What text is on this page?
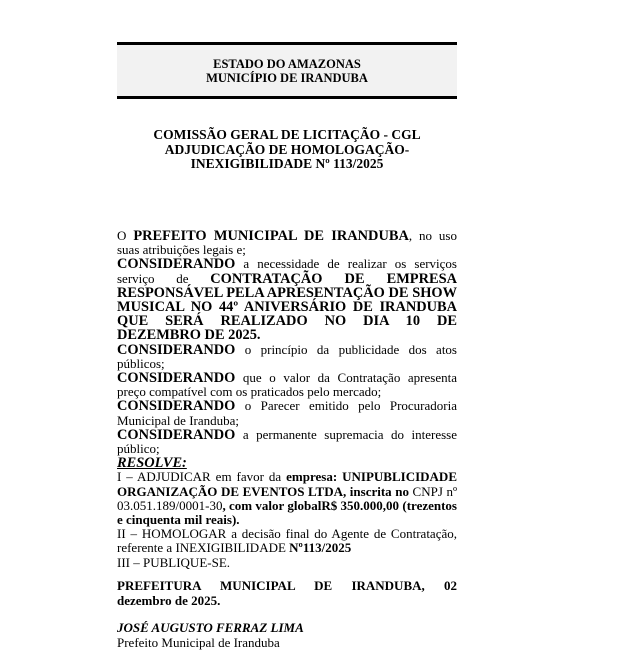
ESTADO DO AMAZONAS
MUNICÍPIO DE IRANDUBA
COMISSÃO GERAL DE LICITAÇÃO - CGL
ADJUDICAÇÃO DE HOMOLOGAÇÃO-
INEXIGIBILIDADE Nº 113/2025

O PREFEITO MUNICIPAL DE IRANDUBA, no uso suas atribuições legais e;

CONSIDERANDO a necessidade de realizar os serviços serviço de CONTRATAÇÃO DE EMPRESA RESPONSÁVEL PELA APRESENTAÇÃO DE SHOW MUSICAL NO 44º ANIVERSÁRIO DE IRANDUBA QUE SERÁ REALIZADO NO DIA 10 DE DEZEMBRO DE 2025.

CONSIDERANDO o princípio da publicidade dos atos públicos;

CONSIDERANDO que o valor da Contratação apresenta preço compatível com os praticados pelo mercado;

CONSIDERANDO o Parecer emitido pelo Procuradoria Municipal de Iranduba;

CONSIDERANDO a permanente supremacia do interesse público;

RESOLVE:

I – ADJUDICAR em favor da empresa: UNIPUBLICIDADE ORGANIZAÇÃO DE EVENTOS LTDA, inscrita no CNPJ nº 03.051.189/0001-30, com valor globalR$ 350.000,00 (trezentos e cinquenta mil reais).

II – HOMOLOGAR a decisão final do Agente de Contratação, referente a INEXIGIBILIDADE Nº113/2025

III – PUBLIQUE-SE.

PREFEITURA MUNICIPAL DE IRANDUBA, 02
dezembro de 2025.
JOSÉ AUGUSTO FERRAZ LIMA
Prefeito Municipal de Iranduba
